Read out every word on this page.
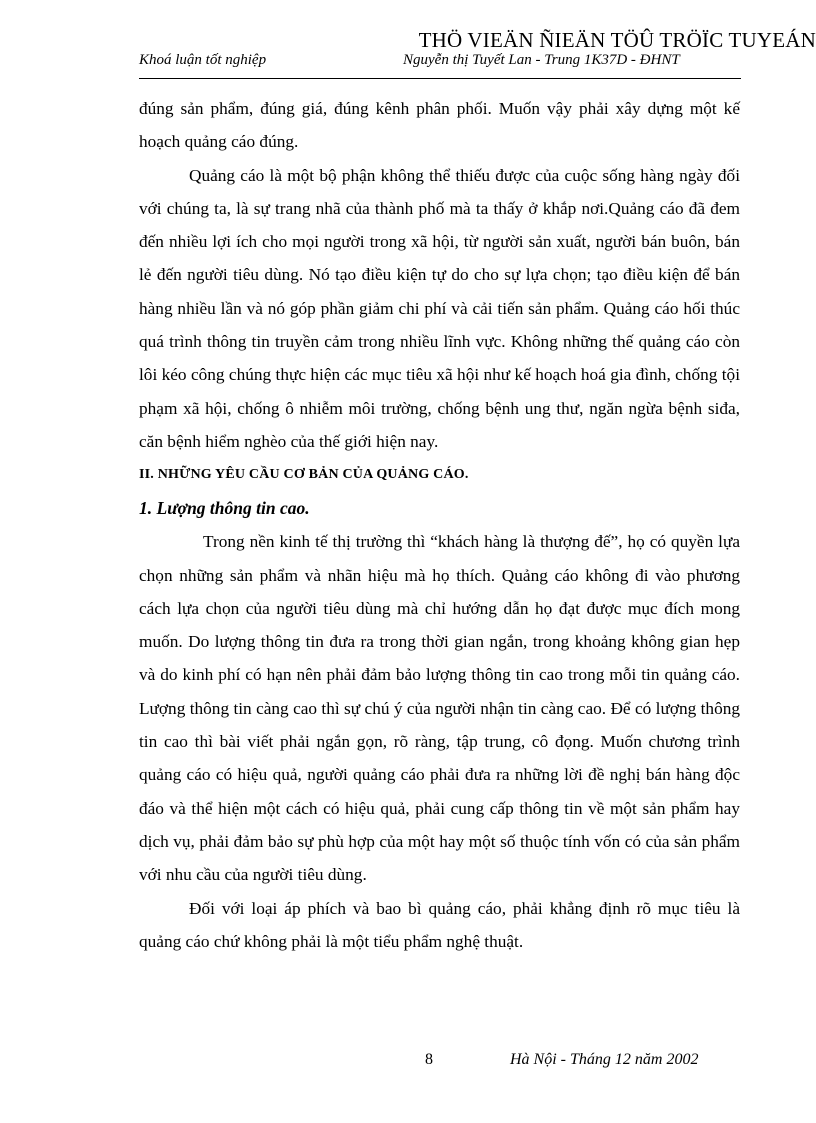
THÖ VIEÄN ÑIEÄN TÖÛ TRÖÏC TUYEÁN
Khoá luận tốt nghiệp	Nguyễn thị Tuyết Lan - Trung 1K37D - ĐHNT

đúng sản phẩm, đúng giá, đúng kênh phân phối. Muốn vậy phải xây dựng một kế hoạch quảng cáo đúng.

Quảng cáo là một bộ phận không thể thiếu được của cuộc sống hàng ngày đối với chúng ta, là sự trang nhã của thành phố mà ta thấy ở khắp nơi.Quảng cáo đã đem đến nhiều lợi ích cho mọi người trong xã hội, từ người sản xuất, người bán buôn, bán lẻ đến người tiêu dùng. Nó tạo điều kiện tự do cho sự lựa chọn; tạo điều kiện để bán hàng nhiều lần và nó góp phần giảm chi phí và cải tiến sản phẩm. Quảng cáo hối thúc quá trình thông tin truyền cảm trong nhiều lĩnh vực. Không những thế quảng cáo còn lôi kéo công chúng thực hiện các mục tiêu xã hội như kế hoạch hoá gia đình, chống tội phạm xã hội, chống ô nhiễm môi trường, chống bệnh ung thư, ngăn ngừa bệnh siđa, căn bệnh hiểm nghèo của thế giới hiện nay.

II. NHỮNG YÊU CẦU CƠ BẢN CỦA QUẢNG CÁO.

1. Lượng thông tin cao.

Trong nền kinh tế thị trường thì “khách hàng là thượng đế”, họ có quyền lựa chọn những sản phẩm và nhãn hiệu mà họ thích. Quảng cáo không đi vào phương cách lựa chọn của người tiêu dùng mà chỉ hướng dẫn họ đạt được mục đích mong muốn. Do lượng thông tin đưa ra trong thời gian ngắn, trong khoảng không gian hẹp và do kinh phí có hạn nên phải đảm bảo lượng thông tin cao trong mỗi tin quảng cáo. Lượng thông tin càng cao thì sự chú ý của người nhận tin càng cao. Để có lượng thông tin cao thì bài viết phải ngắn gọn, rõ ràng, tập trung, cô đọng. Muốn chương trình quảng cáo có hiệu quả, người quảng cáo phải đưa ra những lời đề nghị bán hàng độc đáo và thể hiện một cách có hiệu quả, phải cung cấp thông tin về một sản phẩm hay dịch vụ, phải đảm bảo sự phù hợp của một hay một số thuộc tính vốn có của sản phẩm với nhu cầu của người tiêu dùng.

Đối với loại áp phích và bao bì quảng cáo, phải khẳng định rõ mục tiêu là quảng cáo chứ không phải là một tiểu phẩm nghệ thuật.

8	Hà Nội - Tháng 12 năm 2002
